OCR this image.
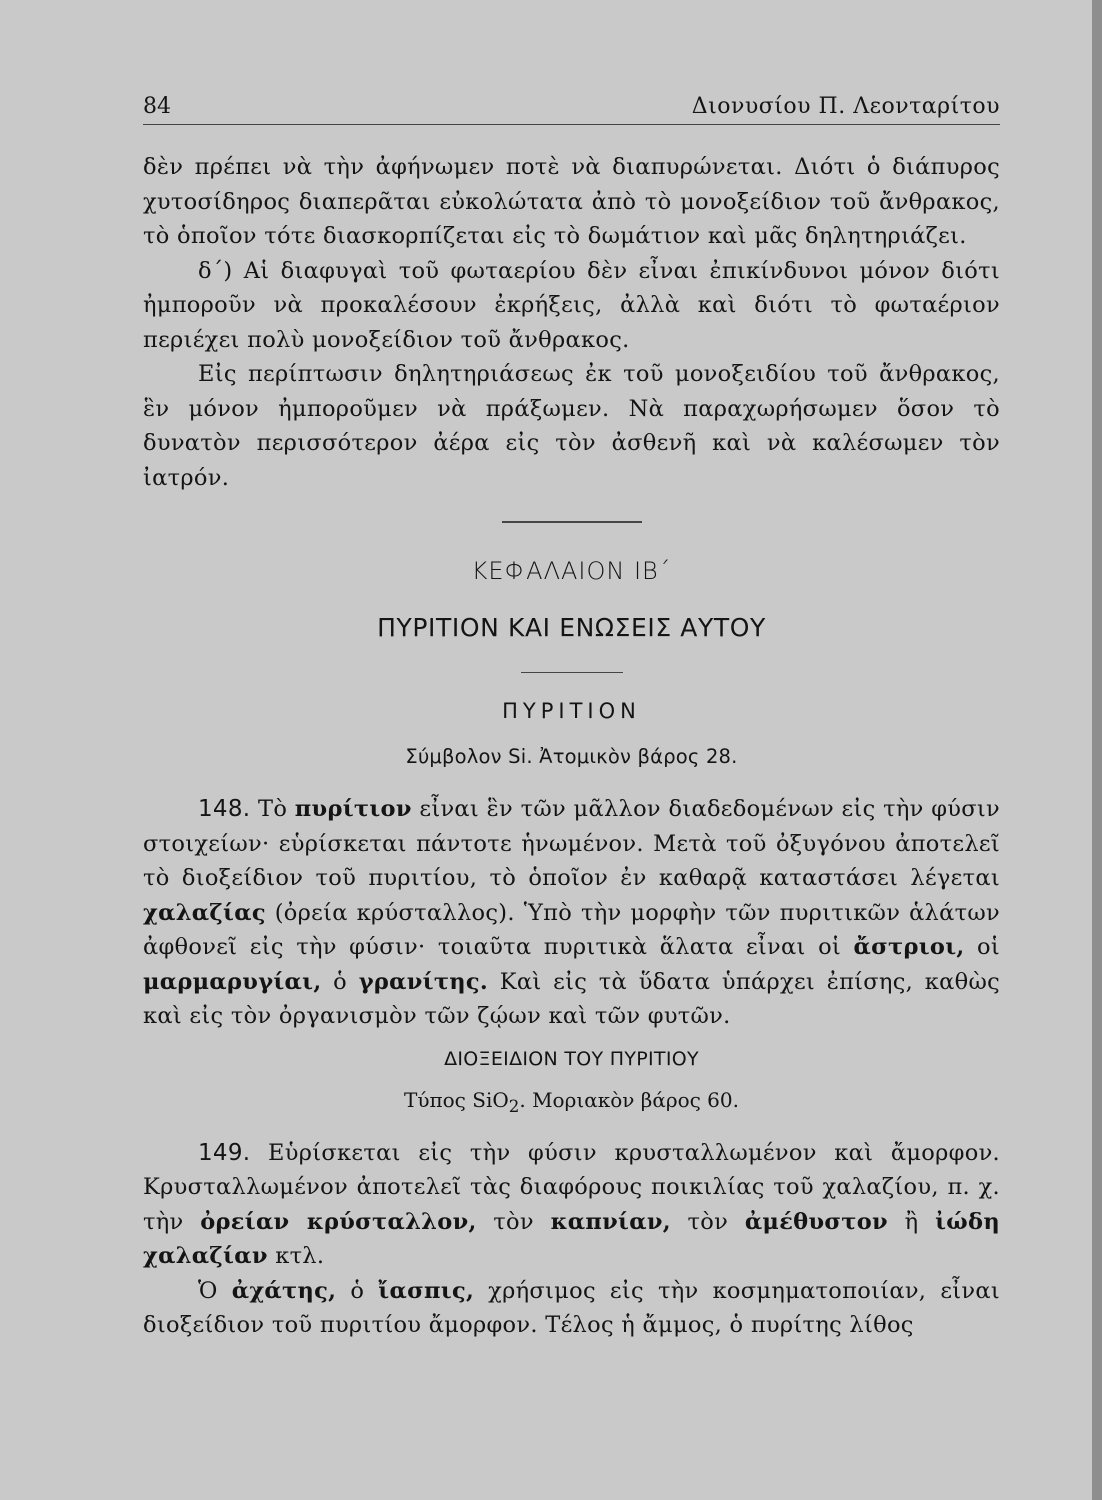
84	Διονυσίου Π. Λεονταρίτου

δὲν πρέπει νὰ τὴν ἀφήνωμεν ποτὲ νὰ διαπυρώνεται. Διότι ὁ διάπυρος χυτοσίδηρος διαπερᾶται εὐκολώτατα ἀπὸ τὸ μονοξείδιον τοῦ ἄνθρακος, τὸ ὁποῖον τότε διασκορπίζεται εἰς τὸ δωμάτιον καὶ μᾶς δηλητηριάζει.

δ΄) Αἱ διαφυγαὶ τοῦ φωταερίου δὲν εἶναι ἐπικίνδυνοι μόνον διότι ἠμποροῦν νὰ προκαλέσουν ἐκρήξεις, ἀλλὰ καὶ διότι τὸ φωταέριον περιέχει πολὺ μονοξείδιον τοῦ ἄνθρακος.

Εἰς περίπτωσιν δηλητηριάσεως ἐκ τοῦ μονοξειδίου τοῦ ἄνθρακος, ἓν μόνον ἠμποροῦμεν νὰ πράξωμεν. Νὰ παραχωρήσωμεν ὅσον τὸ δυνατὸν περισσότερον ἀέρα εἰς τὸν ἀσθενῆ καὶ νὰ καλέσωμεν τὸν ἰατρόν.

ΚΕΦΑΛΑΙΟΝ ΙΒ΄
ΠΥΡΙΤΙΟΝ ΚΑΙ ΕΝΩΣΕΙΣ ΑΥΤΟΥ
ΠΥΡΙΤΙΟΝ
Σύμβολον Si. Ἀτομικὸν βάρος 28.

148. Τὸ πυρίτιον εἶναι ἓν τῶν μᾶλλον διαδεδομένων εἰς τὴν φύσιν στοιχείων· εὑρίσκεται πάντοτε ἡνωμένον. Μετὰ τοῦ ὀξυγόνου ἀποτελεῖ τὸ διοξείδιον τοῦ πυριτίου, τὸ ὁποῖον ἐν καθαρᾷ καταστάσει λέγεται χαλαζίας (ὀρεία κρύσταλλος). Ὑπὸ τὴν μορφὴν τῶν πυριτικῶν ἁλάτων ἀφθονεῖ εἰς τὴν φύσιν· τοιαῦτα πυριτικὰ ἅλατα εἶναι οἱ ἄστριοι, οἱ μαρμαρυγίαι, ὁ γρανίτης. Καὶ εἰς τὰ ὕδατα ὑπάρχει ἐπίσης, καθὼς καὶ εἰς τὸν ὀργανισμὸν τῶν ζῴων καὶ τῶν φυτῶν.

ΔΙΟΞΕΙΔΙΟΝ ΤΟΥ ΠΥΡΙΤΙΟΥ
Τύπος SiO$_2$. Μοριακὸν βάρος 60.

149. Εὑρίσκεται εἰς τὴν φύσιν κρυσταλλωμένον καὶ ἄμορφον. Κρυσταλλωμένον ἀποτελεῖ τὰς διαφόρους ποικιλίας τοῦ χαλαζίου, π. χ. τὴν ὀρείαν κρύσταλλον, τὸν καπνίαν, τὸν ἀμέθυστον ἢ ἰώδη χαλαζίαν κτλ.

Ὁ ἀχάτης, ὁ ἴασπις, χρήσιμος εἰς τὴν κοσμηματοποιίαν, εἶναι διοξείδιον τοῦ πυριτίου ἄμορφον. Τέλος ἡ ἄμμος, ὁ πυρίτης λίθος
